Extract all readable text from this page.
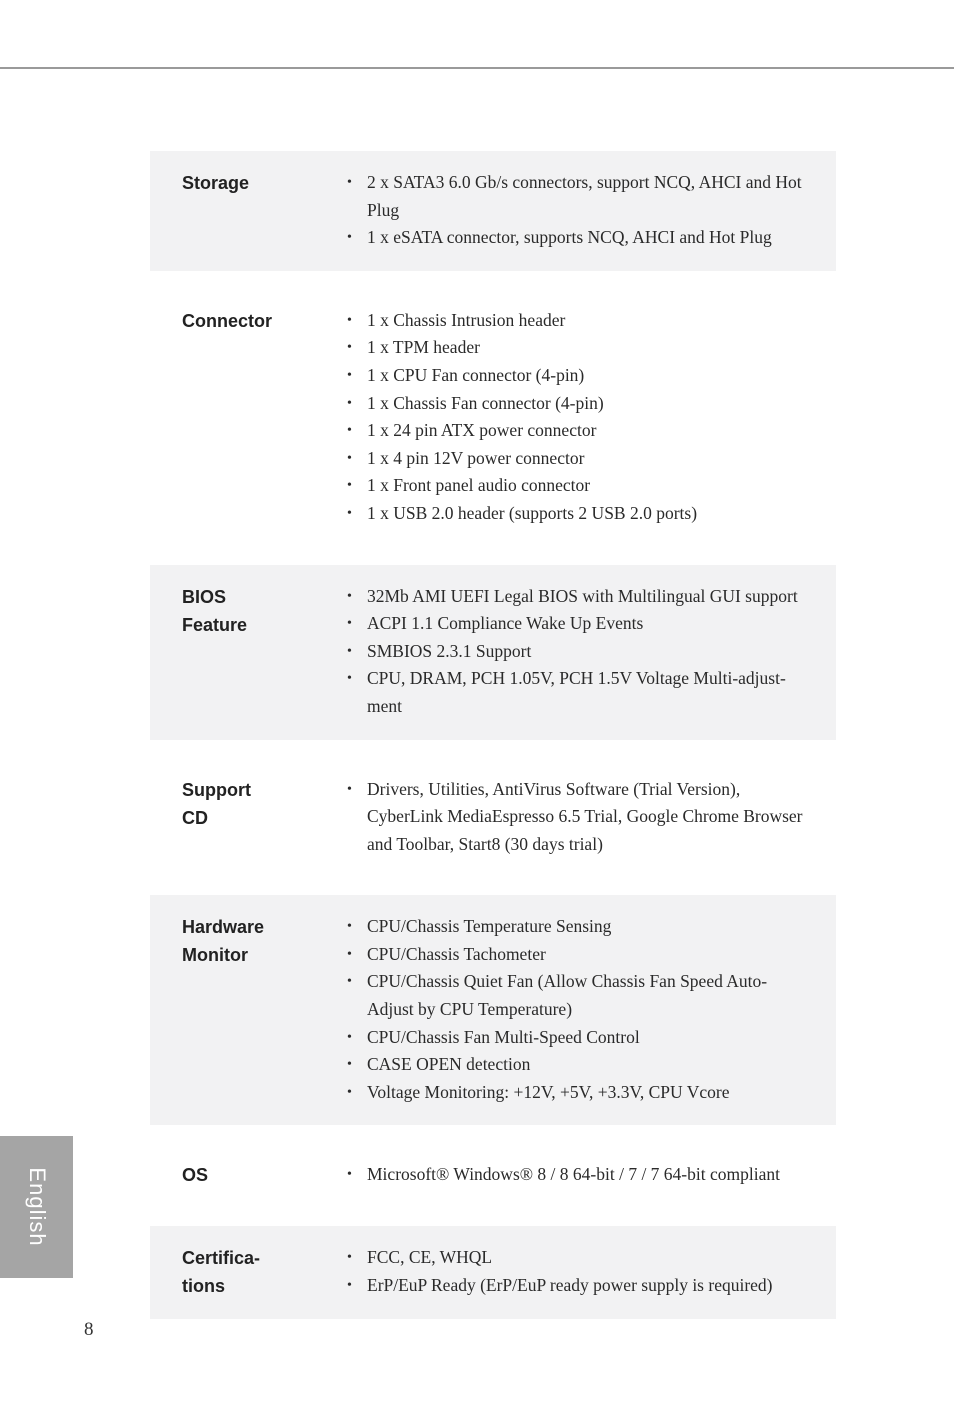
Storage	• 2 x SATA3 6.0 Gb/s connectors, support NCQ, AHCI and Hot
Plug
• 1 x eSATA connector, supports NCQ, AHCI and Hot Plug
Connector	• 1 x Chassis Intrusion header
• 1 x TPM header
• 1 x CPU Fan connector (4-pin)
• 1 x Chassis Fan connector (4-pin)
• 1 x 24 pin ATX power connector
• 1 x 4 pin 12V power connector
• 1 x Front panel audio connector
• 1 x USB 2.0 header (supports 2 USB 2.0 ports)
BIOS
Feature
• 32Mb AMI UEFI Legal BIOS with Multilingual GUI support
• ACPI 1.1 Compliance Wake Up Events
• SMBIOS 2.3.1 Support
• CPU, DRAM, PCH 1.05V, PCH 1.5V Voltage Multi-adjust-
ment
Support
CD
• Drivers, Utilities, AntiVirus Software (Trial Version),
CyberLink MediaEspresso 6.5 Trial, Google Chrome Browser
and Toolbar, Start8 (30 days trial)
Hardware
Monitor
• CPU/Chassis Temperature Sensing
• CPU/Chassis Tachometer
• CPU/Chassis Quiet Fan (Allow Chassis Fan Speed Auto-
Adjust by CPU Temperature)
• CPU/Chassis Fan Multi-Speed Control
• CASE OPEN detection
• Voltage Monitoring: +12V, +5V, +3.3V, CPU Vcore
OS	• Microsoft® Windows® 8 / 8 64-bit / 7 / 7 64-bit compliant
Certifica-
tions
• FCC, CE, WHQL
• ErP/EuP Ready (ErP/EuP ready power supply is required)
English
8
